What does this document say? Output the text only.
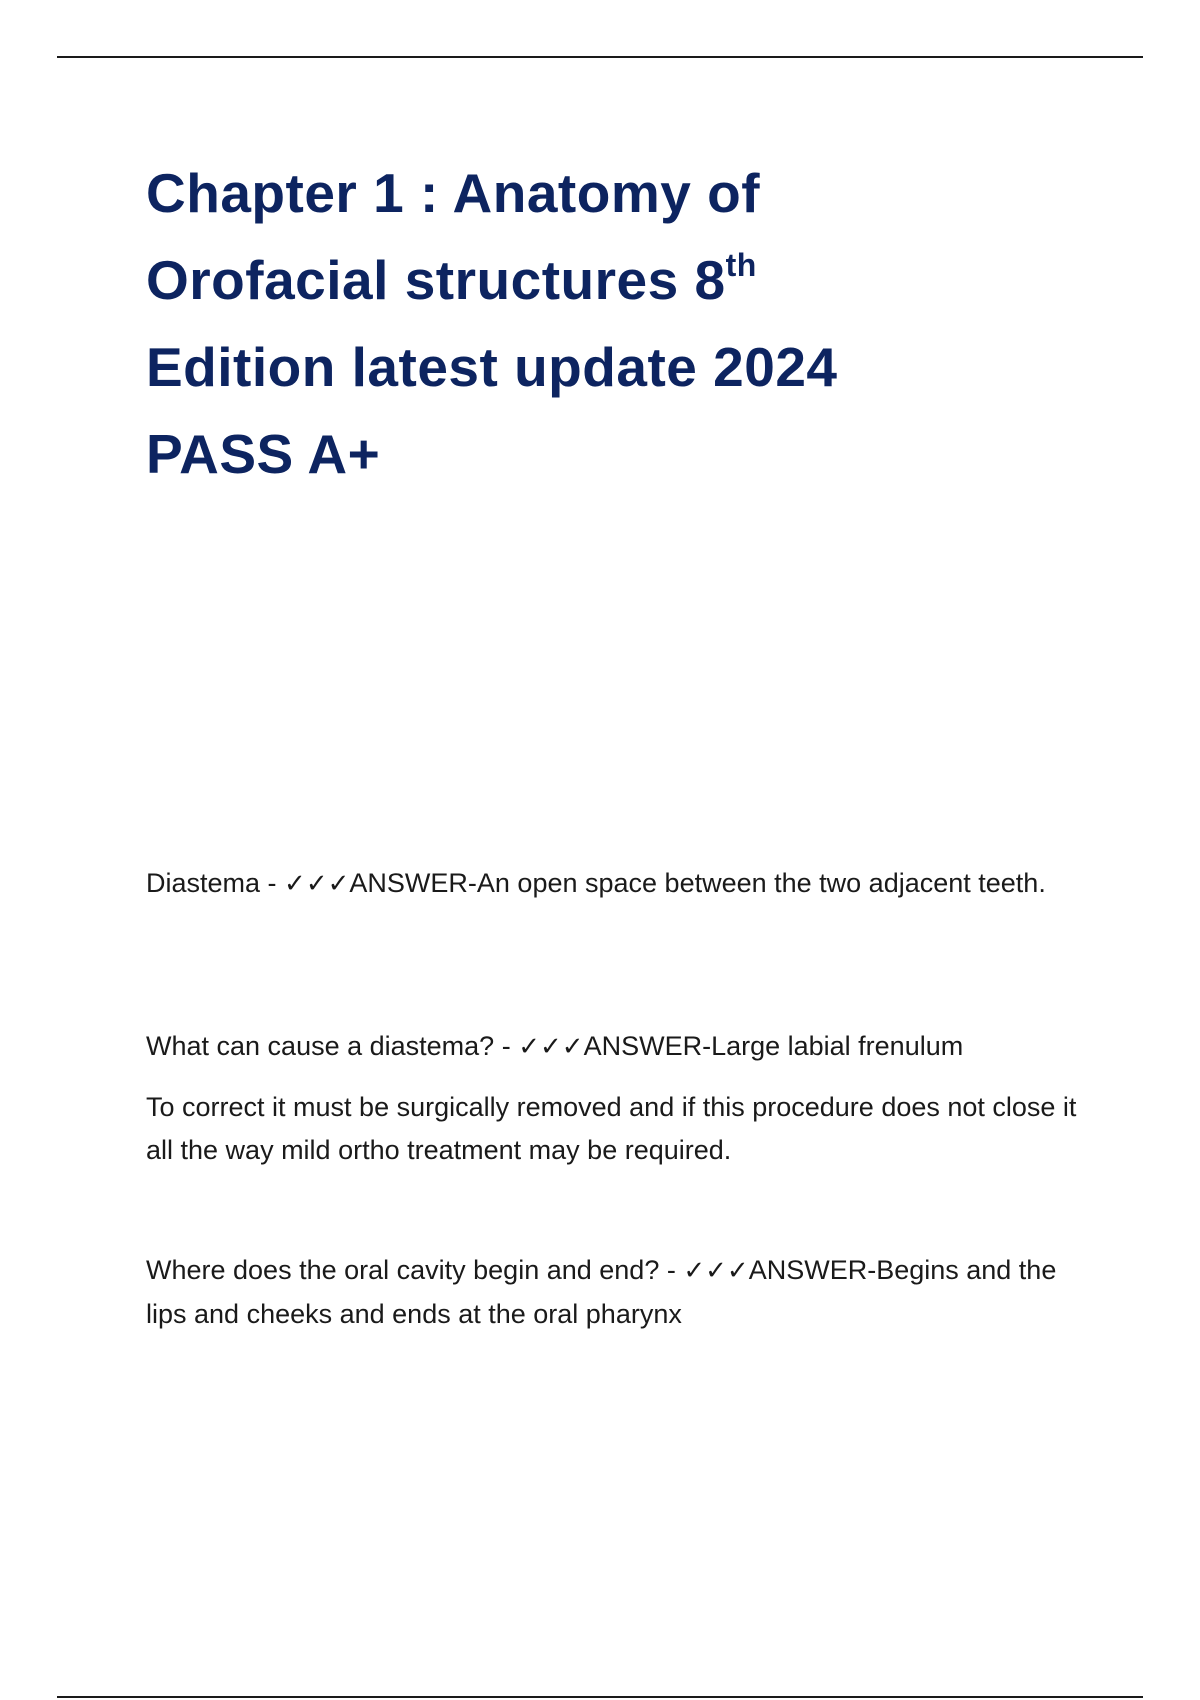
Chapter 1 : Anatomy of
Orofacial structures 8th
Edition latest update 2024
PASS A+

Diastema - ✓✓✓ANSWER-An open space between the two adjacent teeth.

What can cause a diastema? - ✓✓✓ANSWER-Large labial frenulum

To correct it must be surgically removed and if this procedure does not close it all the way mild ortho treatment may be required.

Where does the oral cavity begin and end? - ✓✓✓ANSWER-Begins and the lips and cheeks and ends at the oral pharynx
